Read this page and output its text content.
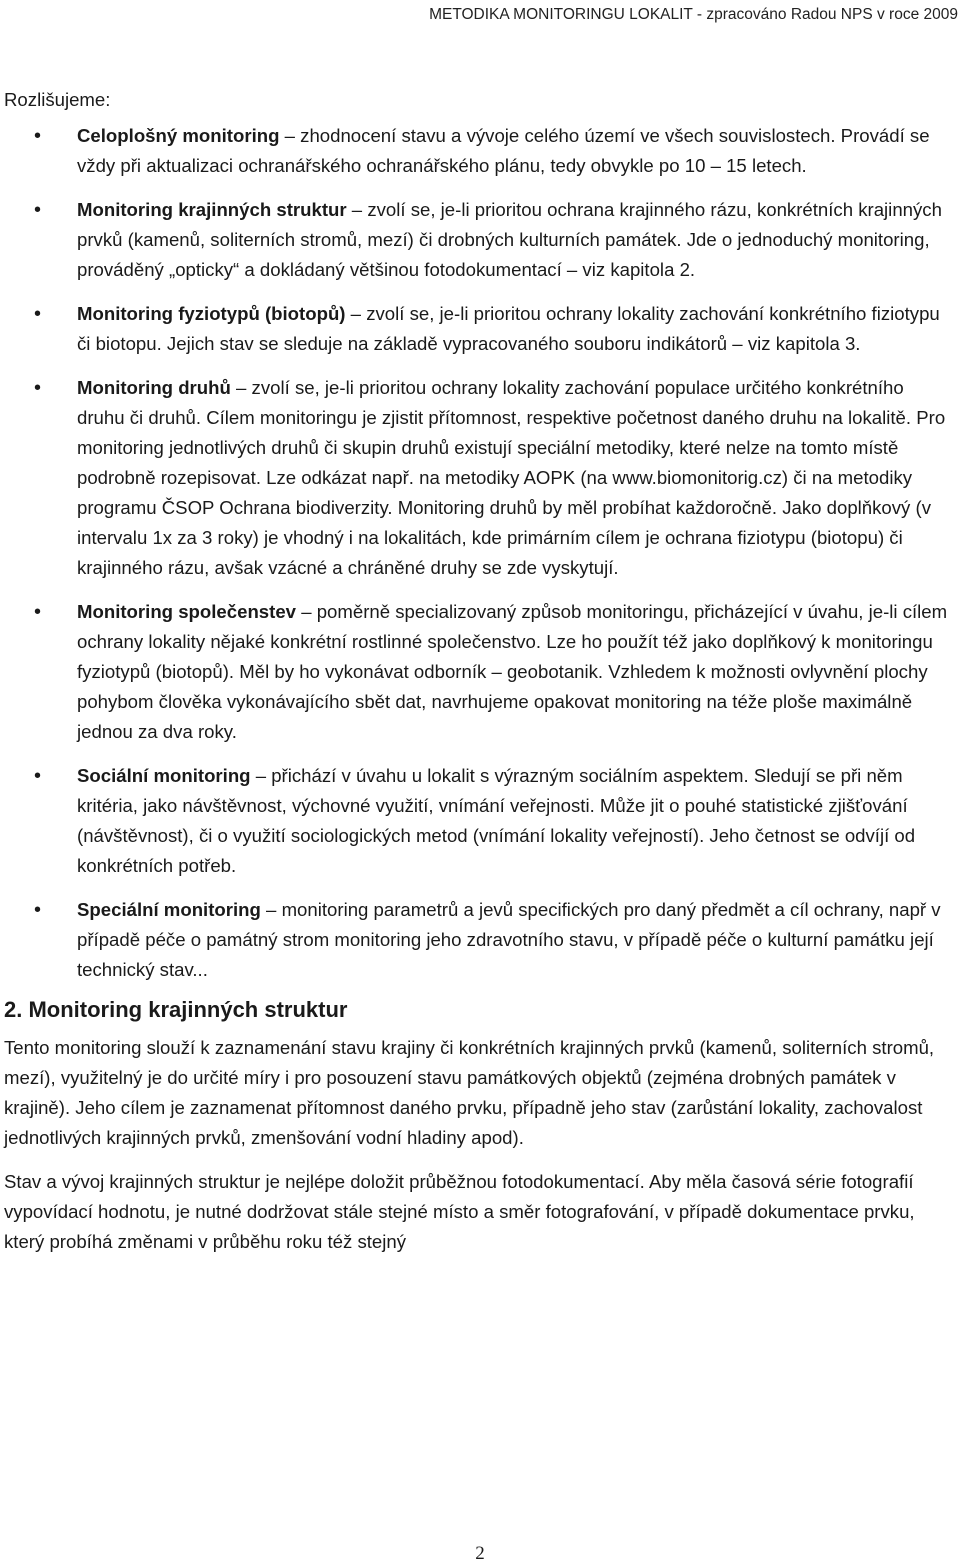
METODIKA MONITORINGU LOKALIT - zpracováno Radou NPS v roce 2009

Rozlišujeme:

• Celoplošný monitoring – zhodnocení stavu a vývoje celého území ve všech souvislostech. Provádí se vždy při aktualizaci ochranářského ochranářského plánu, tedy obvykle po 10 – 15 letech.
• Monitoring krajinných struktur – zvolí se, je-li prioritou ochrana krajinného rázu, konkrétních krajinných prvků (kamenů, soliterních stromů, mezí) či drobných kulturních památek. Jde o jednoduchý monitoring, prováděný „opticky“ a dokládaný většinou fotodokumentací – viz kapitola 2.
• Monitoring fyziotypů (biotopů) – zvolí se, je-li prioritou ochrany lokality zachování konkrétního fiziotypu či biotopu. Jejich stav se sleduje na základě vypracovaného souboru indikátorů – viz kapitola 3.
• Monitoring druhů – zvolí se, je-li prioritou ochrany lokality zachování populace určitého konkrétního druhu či druhů. Cílem monitoringu je zjistit přítomnost, respektive početnost daného druhu na lokalitě. Pro monitoring jednotlivých druhů či skupin druhů existují speciální metodiky, které nelze na tomto místě podrobně rozepisovat. Lze odkázat např. na metodiky AOPK (na www.biomonitorig.cz) či na metodiky programu ČSOP Ochrana biodiverzity. Monitoring druhů by měl probíhat každoročně. Jako doplňkový (v intervalu 1x za 3 roky) je vhodný i na lokalitách, kde primárním cílem je ochrana fiziotypu (biotopu) či krajinného rázu, avšak vzácné a chráněné druhy se zde vyskytují.
• Monitoring společenstev – poměrně specializovaný způsob monitoringu, přicházející v úvahu, je-li cílem ochrany lokality nějaké konkrétní rostlinné společenstvo. Lze ho použít též jako doplňkový k monitoringu fyziotypů (biotopů). Měl by ho vykonávat odborník – geobotanik. Vzhledem k možnosti ovlyvnění plochy pohybom člověka vykonávajícího sbět dat, navrhujeme opakovat monitoring na téže ploše maximálně jednou za dva roky.
• Sociální monitoring – přichází v úvahu u lokalit s výrazným sociálním aspektem. Sledují se při něm kritéria, jako návštěvnost, výchovné využití, vnímání veřejnosti. Může jit o pouhé statistické zjišťování (návštěvnost), či o využití sociologických metod (vnímání lokality veřejností). Jeho četnost se odvíjí od konkrétních potřeb.
• Speciální monitoring – monitoring parametrů a jevů specifických pro daný předmět a cíl ochrany, např v případě péče o památný strom monitoring jeho zdravotního stavu, v případě péče o kulturní památku její technický stav...
2. Monitoring krajinných struktur

Tento monitoring slouží k zaznamenání stavu krajiny či konkrétních krajinných prvků (kamenů, soliterních stromů, mezí), využitelný je do určité míry i pro posouzení stavu památkových objektů (zejména drobných památek v krajině). Jeho cílem je zaznamenat přítomnost daného prvku, případně jeho stav (zarůstání lokality, zachovalost jednotlivých krajinných prvků, zmenšování vodní hladiny apod).

Stav a vývoj krajinných struktur je nejlépe doložit průběžnou fotodokumentací. Aby měla časová série fotografií vypovídací hodnotu, je nutné dodržovat stále stejné místo a směr fotografování, v případě dokumentace prvku, který probíhá změnami v průběhu roku též stejný

2
